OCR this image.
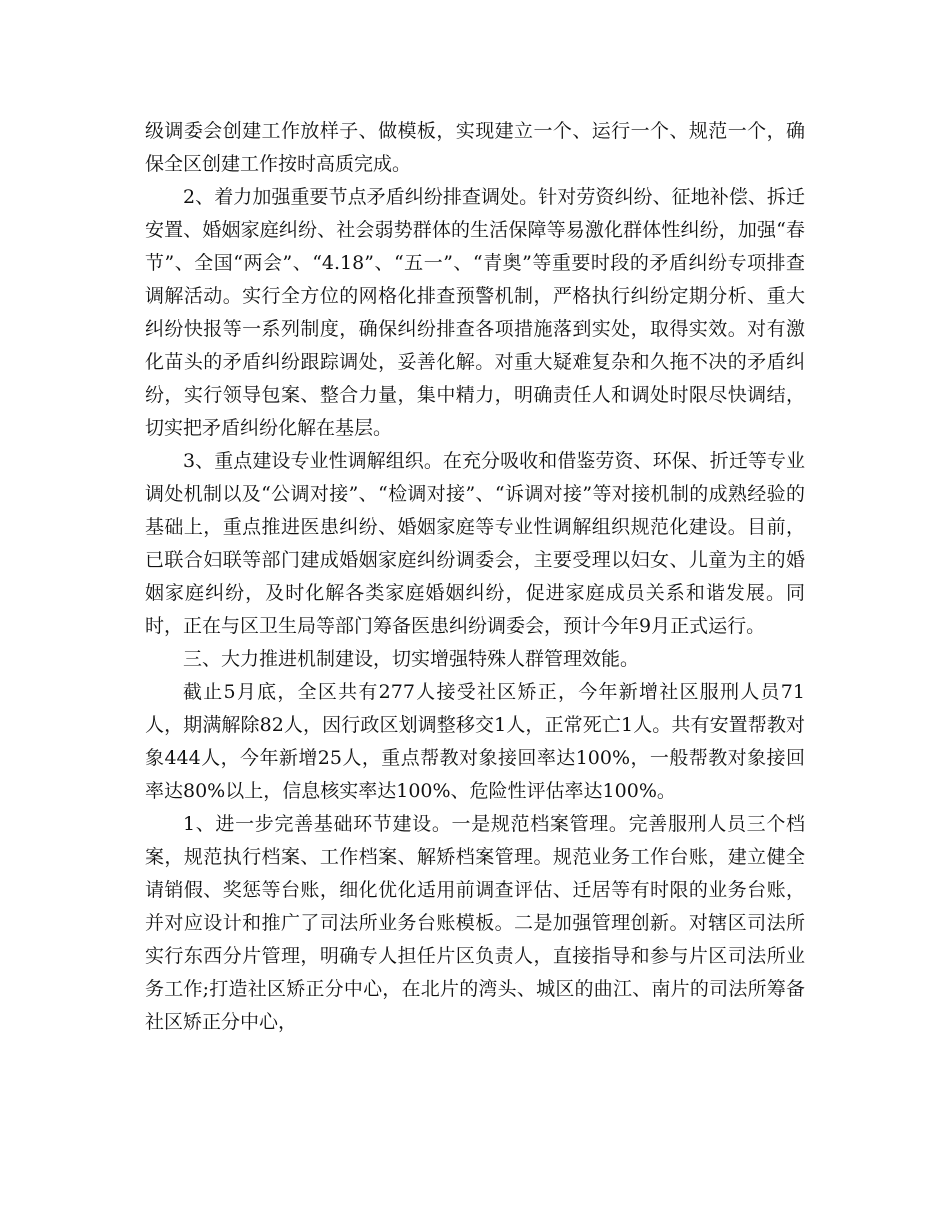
级调委会创建工作放样子、做模板，实现建立一个、运行一个、规范一个，确保全区创建工作按时高质完成。

2、着力加强重要节点矛盾纠纷排查调处。针对劳资纠纷、征地补偿、拆迁安置、婚姻家庭纠纷、社会弱势群体的生活保障等易激化群体性纠纷，加强“春节”、全国“两会”、“4.18”、“五一”、“青奥”等重要时段的矛盾纠纷专项排查调解活动。实行全方位的网格化排查预警机制，严格执行纠纷定期分析、重大纠纷快报等一系列制度，确保纠纷排查各项措施落到实处，取得实效。对有激化苗头的矛盾纠纷跟踪调处，妥善化解。对重大疑难复杂和久拖不决的矛盾纠纷，实行领导包案、整合力量，集中精力，明确责任人和调处时限尽快调结，切实把矛盾纠纷化解在基层。

3、重点建设专业性调解组织。在充分吸收和借鉴劳资、环保、折迁等专业调处机制以及“公调对接”、“检调对接”、“诉调对接”等对接机制的成熟经验的基础上，重点推进医患纠纷、婚姻家庭等专业性调解组织规范化建设。目前，已联合妇联等部门建成婚姻家庭纠纷调委会，主要受理以妇女、儿童为主的婚姻家庭纠纷，及时化解各类家庭婚姻纠纷，促进家庭成员关系和谐发展。同时，正在与区卫生局等部门筹备医患纠纷调委会，预计今年9月正式运行。

三、大力推进机制建设，切实增强特殊人群管理效能。

截止5月底，全区共有277人接受社区矫正，今年新增社区服刑人员71人，期满解除82人，因行政区划调整移交1人，正常死亡1人。共有安置帮教对象444人，今年新增25人，重点帮教对象接回率达100%，一般帮教对象接回率达80%以上，信息核实率达100%、危险性评估率达100%。

1、进一步完善基础环节建设。一是规范档案管理。完善服刑人员三个档案，规范执行档案、工作档案、解矫档案管理。规范业务工作台账，建立健全请销假、奖惩等台账，细化优化适用前调查评估、迁居等有时限的业务台账，并对应设计和推广了司法所业务台账模板。二是加强管理创新。对辖区司法所实行东西分片管理，明确专人担任片区负责人，直接指导和参与片区司法所业务工作;打造社区矫正分中心，在北片的湾头、城区的曲江、南片的司法所筹备社区矫正分中心，
